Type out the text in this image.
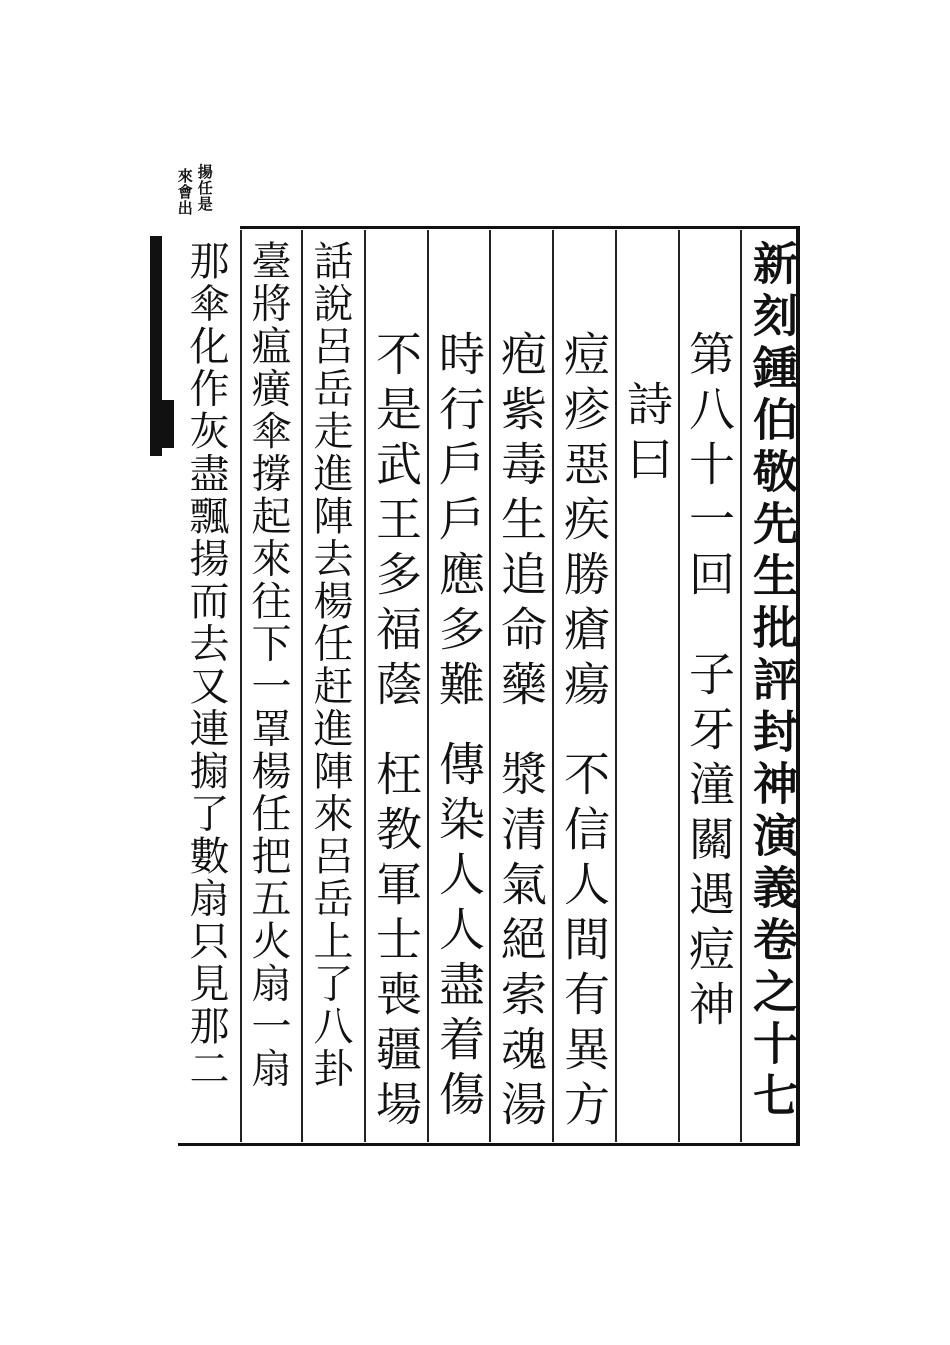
揚任是
來會出
新刻鍾伯敬先生批評封神演義卷之十七
第八十一回
子牙潼關遇痘神
詩曰
痘疹惡疾勝瘡瘍
不信人間有異方
疱紫毒生追命藥
漿清氣絕索魂湯
時行戶戶應多難
傳染人人盡着傷
不是武王多福蔭
枉教軍士喪疆場
話說呂岳走進陣去楊任赶進陣來呂岳上了八卦
臺將瘟癀傘撐起來往下一罩楊任把五火扇一扇
那傘化作灰盡飄揚而去又連搧了數扇只見那二
